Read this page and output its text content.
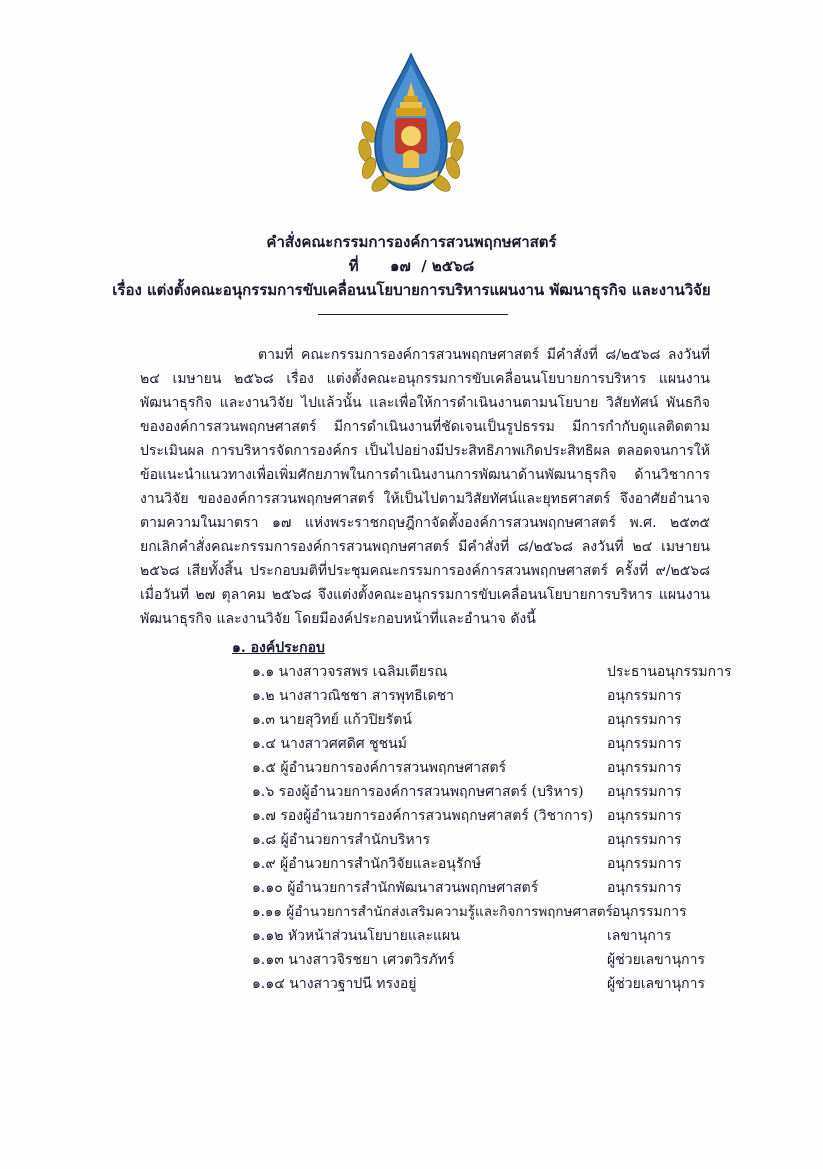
คำสั่งคณะกรรมการองค์การสวนพฤกษศาสตร์
ที่      ๑๗  / ๒๕๖๘
เรื่อง แต่งตั้งคณะอนุกรรมการขับเคลื่อนนโยบายการบริหารแผนงาน พัฒนาธุรกิจ และงานวิจัย
ตามที่ คณะกรรมการองค์การสวนพฤกษศาสตร์ มีคำสั่งที่ ๘/๒๕๖๘ ลงวันที่ ๒๔ เมษายน ๒๕๖๘ เรื่อง แต่งตั้งคณะอนุกรรมการขับเคลื่อนนโยบายการบริหาร แผนงาน พัฒนาธุรกิจ และงานวิจัย ไปแล้วนั้น และเพื่อให้การดำเนินงานตามนโยบาย วิสัยทัศน์ พันธกิจ ขององค์การสวนพฤกษศาสตร์ มีการดำเนินงานที่ชัดเจนเป็นรูปธรรม มีการกำกับดูแลติดตามประเมินผล การบริหารจัดการองค์กร เป็นไปอย่างมีประสิทธิภาพเกิดประสิทธิผล ตลอดจนการให้ข้อแนะนำแนวทางเพื่อเพิ่มศักยภาพในการดำเนินงานการพัฒนาด้านพัฒนาธุรกิจ ด้านวิชาการ งานวิจัย ขององค์การสวนพฤกษศาสตร์ ให้เป็นไปตามวิสัยทัศน์และยุทธศาสตร์ จึงอาศัยอำนาจตามความในมาตรา ๑๗ แห่งพระราชกฤษฎีกาจัดตั้งองค์การสวนพฤกษศาสตร์ พ.ศ. ๒๕๓๕ ยกเลิกคำสั่งคณะกรรมการองค์การสวนพฤกษศาสตร์ มีคำสั่งที่ ๘/๒๕๖๘ ลงวันที่ ๒๔ เมษายน ๒๕๖๘ เสียทั้งสิ้น ประกอบมติที่ประชุมคณะกรรมการองค์การสวนพฤกษศาสตร์ ครั้งที่ ๙/๒๕๖๘ เมื่อวันที่ ๒๗ ตุลาคม ๒๕๖๘ จึงแต่งตั้งคณะอนุกรรมการขับเคลื่อนนโยบายการบริหาร แผนงาน พัฒนาธุรกิจ และงานวิจัย โดยมีองค์ประกอบหน้าที่และอำนาจ ดังนี้
๑. องค์ประกอบ
๑.๑ นางสาวจรสพร เฉลิมเตียรณ	ประธานอนุกรรมการ
๑.๒ นางสาวณิชชา สารพุทธิเดชา	อนุกรรมการ
๑.๓ นายสุวิทย์ แก้วปิยรัตน์	อนุกรรมการ
๑.๔ นางสาวศศดิศ ชูชนม์	อนุกรรมการ
๑.๕ ผู้อำนวยการองค์การสวนพฤกษศาสตร์	อนุกรรมการ
๑.๖ รองผู้อำนวยการองค์การสวนพฤกษศาสตร์ (บริหาร) อนุกรรมการ
๑.๗ รองผู้อำนวยการองค์การสวนพฤกษศาสตร์ (วิชาการ) อนุกรรมการ
๑.๘ ผู้อำนวยการสำนักบริหาร	อนุกรรมการ
๑.๙ ผู้อำนวยการสำนักวิจัยและอนุรักษ์	อนุกรรมการ
๑.๑๐ ผู้อำนวยการสำนักพัฒนาสวนพฤกษศาสตร์	อนุกรรมการ
๑.๑๑ ผู้อำนวยการสำนักส่งเสริมความรู้และกิจการพฤกษศาสตร์ อนุกรรมการ
๑.๑๒ หัวหน้าส่วนนโยบายและแผน	เลขานุการ
๑.๑๓ นางสาวจิรชยา เศวตวิรภัทร์	ผู้ช่วยเลขานุการ
๑.๑๔ นางสาวฐาปนี ทรงอยู่	ผู้ช่วยเลขานุการ
